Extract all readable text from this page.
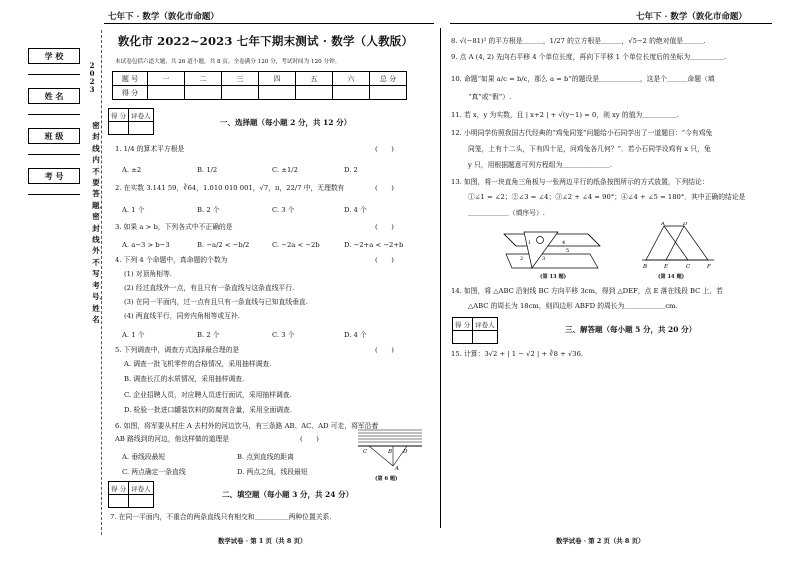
七年下 · 数学（敦化市命题）	七年下 · 数学（敦化市命题）
学 校
姓 名
班 级
考 号
2023
密封线内不要答题、密封线外不写考号、姓名
敦化市 2022~2023 七年下期末测试 · 数学（人教版）
本试卷包括六道大题，共 26 道小题，共 8 页。全卷满分 120 分，考试时间为 120 分钟。
题 号	一	二	三	四	五	六	总 分
得 分							
得 分	评卷人

一、选择题（每小题 2 分，共 12 分）
1. 1/4 的算术平方根是	(　　)
A. ±2	B. 1/2	C. ±1/2	D. 2
2. 在实数 3.141 59，∛64，1.010 010 001，√7，π，22/7 中，无理数有	(　　)
A. 1 个	B. 2 个	C. 3 个	D. 4 个
3. 如果 a > b，下列各式中不正确的是	(　　)
A. a−3 > b−3	B. −a/2 < −b/2	C. −2a < −2b	D. −2+a < −2+b
4. 下列 4 个命题中，真命题的个数为	(　　)
(1) 对顶角相等.
(2) 经过直线外一点，有且只有一条直线与这条直线平行.
(3) 在同一平面内，过一点有且只有一条直线与已知直线垂直.
(4) 两直线平行，同旁内角相等或互补.
A. 1 个	B. 2 个	C. 3 个	D. 4 个
5. 下列调查中，调查方式选择最合理的是	(　　)
A. 调查一批飞机零件的合格情况，采用抽样调查.
B. 调查长江的水质情况，采用抽样调查.
C. 企业招聘人员，对应聘人员进行面试，采用抽样调查.
D. 检验一批进口罐装饮料的防腐剂含量，采用全面调查.
6. 如图，将军要从村庄 A 去村外的河边饮马，有三条路 AB、AC、AD 可走，将军沿着
AB 路线到的河边，他这样做的道理是	(　　)
A. 垂线段最短	B. 点到直线的距离
C. 两点确定一条直线	D. 两点之间，线段最短
C	B D
A
(第 6 题)
得 分	评卷人

二、填空题（每小题 3 分，共 24 分）
7. 在同一平面内，不重合的两条直线只有相交和＿＿＿＿＿两种位置关系.
数学试卷 · 第 1 页（共 8 页）
8. √(−81)² 的平方根是＿＿＿，1/27 的立方根是＿＿＿，√5−2 的绝对值是＿＿＿.
9. 点 A (4, 2) 先向右平移 4 个单位长度，再向下平移 1 个单位长度后的坐标为＿＿＿＿＿.
10. 命题“如果 a/c = b/c，那么 a = b”的题设是＿＿＿＿＿＿，这是个＿＿＿命题（填
“真”或“假”）.
11. 若 x，y 为实数，且 | x+2 | + √(y−1) = 0，则 xy 的值为＿＿＿＿＿.
12. 小明同学仿照我国古代经典的“鸡兔同笼”问题给小石同学出了一道题目：“今有鸡兔
同笼，上有十二头，下有四十足，问鸡兔各几何？”．若小石同学设鸡有 x 只，兔
y 只，用根据题意可列方程组为＿＿＿＿＿＿＿.
13. 如图，将一块直角三角板与一张两边平行的纸条按图所示的方式放置，下列结论：
①∠1 = ∠2；②∠3 = ∠4；③∠2 + ∠4 = 90°；④∠4 + ∠5 = 180°．其中正确的结论是
＿＿＿＿＿＿（填序号）.
2	3
4
5
1
(第 13 题)
A	D
B	E	C	F
(第 14 题)
14. 如图，将 △ABC 沿射线 BC 方向平移 3cm，得到 △DEF，点 E 落在线段 BC 上，若
△ABC 的周长为 18cm，则四边形 ABFD 的周长为＿＿＿＿＿＿cm.
得 分	评卷人

三、解答题（每小题 5 分，共 20 分）
15. 计算：3√2 + | 1 − √2 | + ∛8 + √36.
数学试卷 · 第 2 页（共 8 页）
